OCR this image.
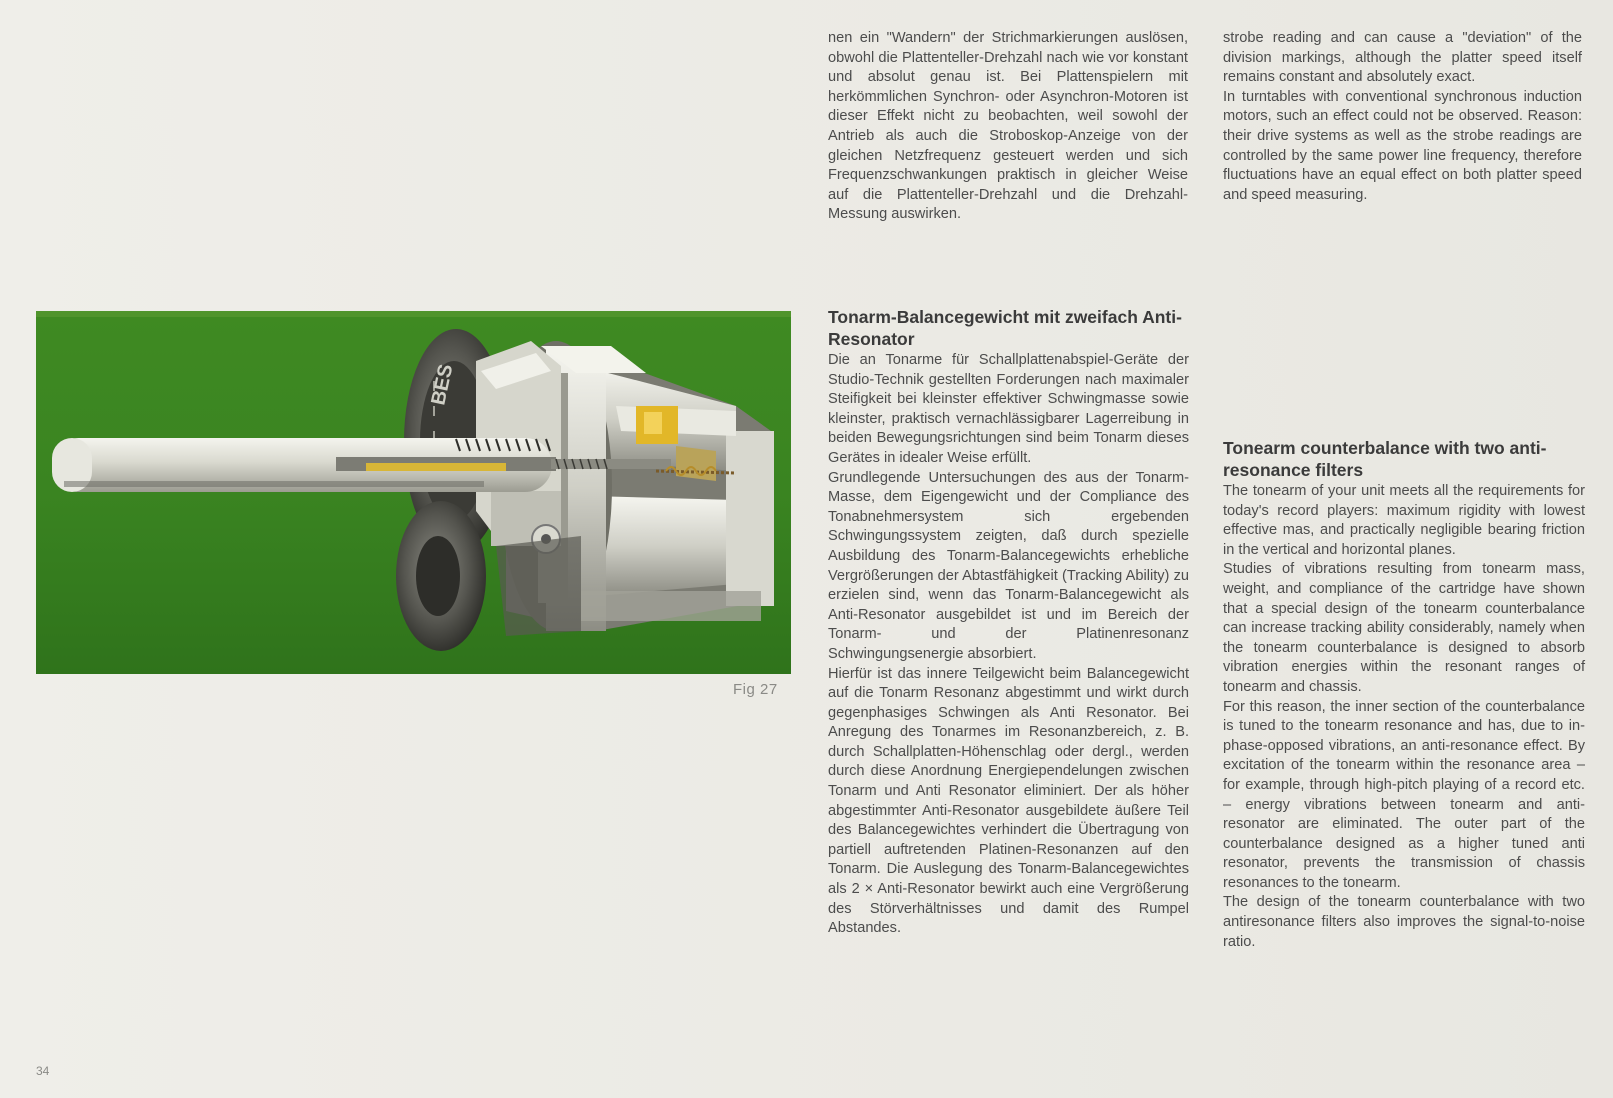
BES
Fig 27

nen ein "Wandern" der Strichmarkierungen auslösen, obwohl die Plattenteller-Drehzahl nach wie vor konstant und absolut genau ist. Bei Plattenspielern mit herkömmlichen Synchron- oder Asynchron-Motoren ist dieser Effekt nicht zu beobachten, weil sowohl der Antrieb als auch die Stroboskop-Anzeige von der gleichen Netzfrequenz gesteuert werden und sich Frequenzschwankungen praktisch in gleicher Weise auf die Plattenteller-Drehzahl und die Drehzahl-Messung auswirken.

Tonarm-Balancegewicht mit zweifach Anti-Resonator

Die an Tonarme für Schallplattenabspiel-Geräte der Studio-Technik gestellten Forderungen nach maximaler Steifigkeit bei kleinster effektiver Schwingmasse sowie kleinster, praktisch vernachlässigbarer Lagerreibung in beiden Bewegungsrichtungen sind beim Tonarm dieses Gerätes in idealer Weise erfüllt.

Grundlegende Untersuchungen des aus der Tonarm-Masse, dem Eigengewicht und der Compliance des Tonabnehmersystem sich ergebenden Schwingungssystem zeigten, daß durch spezielle Ausbildung des Tonarm-Balancegewichts erhebliche Vergrößerungen der Abtastfähigkeit (Tracking Ability) zu erzielen sind, wenn das Tonarm-Balancegewicht als Anti-Resonator ausgebildet ist und im Bereich der Tonarm- und der Platinenresonanz Schwingungsenergie absorbiert.

Hierfür ist das innere Teilgewicht beim Balancegewicht auf die Tonarm Resonanz abgestimmt und wirkt durch gegenphasiges Schwingen als Anti Resonator. Bei Anregung des Tonarmes im Resonanzbereich, z. B. durch Schallplatten-Höhenschlag oder dergl., werden durch diese Anordnung Energiependelungen zwischen Tonarm und Anti Resonator eliminiert. Der als höher abgestimmter Anti-Resonator ausgebildete äußere Teil des Balancegewichtes verhindert die Übertragung von partiell auftretenden Platinen-Resonanzen auf den Tonarm. Die Auslegung des Tonarm-Balancegewichtes als 2 × Anti-Resonator bewirkt auch eine Vergrößerung des Störverhältnisses und damit des Rumpel Abstandes.

strobe reading and can cause a "deviation" of the division markings, although the platter speed itself remains constant and absolutely exact.

In turntables with conventional synchronous induction motors, such an effect could not be observed. Reason: their drive systems as well as the strobe readings are controlled by the same power line frequency, therefore fluctuations have an equal effect on both platter speed and speed measuring.

Tonearm counterbalance with two anti-resonance filters

The tonearm of your unit meets all the requirements for today's record players: maximum rigidity with lowest effective mas, and practically negligible bearing friction in the vertical and horizontal planes.

Studies of vibrations resulting from tonearm mass, weight, and compliance of the cartridge have shown that a special design of the tonearm counterbalance can increase tracking ability considerably, namely when the tonearm counterbalance is designed to absorb vibration energies within the resonant ranges of tonearm and chassis.

For this reason, the inner section of the counterbalance is tuned to the tonearm resonance and has, due to in-phase-opposed vibrations, an anti-resonance effect. By excitation of the tonearm within the resonance area – for example, through high-pitch playing of a record etc. – energy vibrations between tonearm and anti-resonator are eliminated. The outer part of the counterbalance designed as a higher tuned anti resonator, prevents the transmission of chassis resonances to the tonearm.

The design of the tonearm counterbalance with two antiresonance filters also improves the signal-to-noise ratio.

34
